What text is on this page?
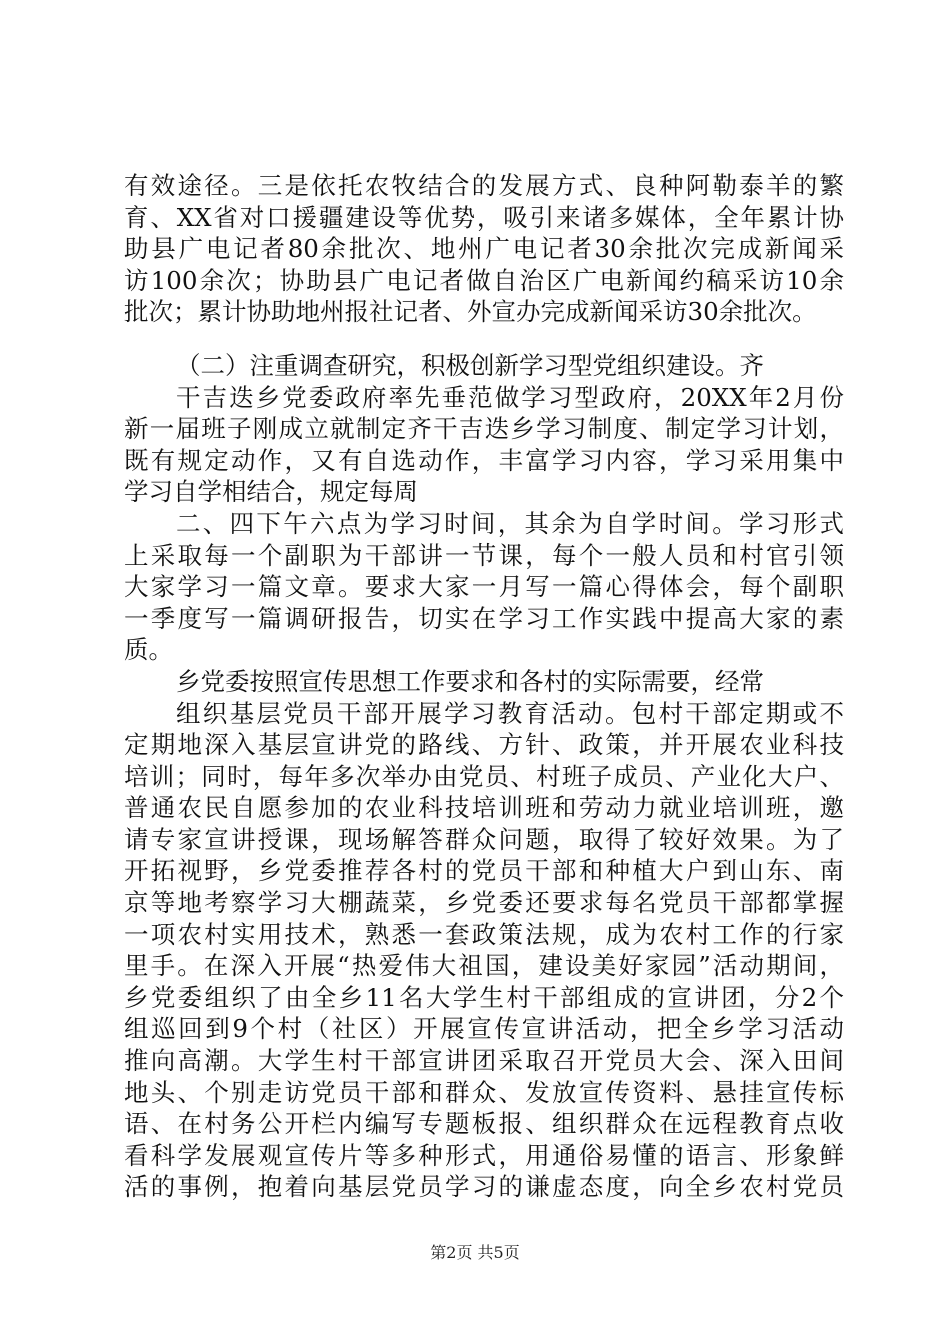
有效途径。三是依托农牧结合的发展方式、良种阿勒泰羊的繁
育、XX省对口援疆建设等优势，吸引来诸多媒体，全年累计协
助县广电记者80余批次、地州广电记者30余批次完成新闻采
访100余次；协助县广电记者做自治区广电新闻约稿采访10余
批次；累计协助地州报社记者、外宣办完成新闻采访30余批次。
（二）注重调查研究，积极创新学习型党组织建设。齐
干吉迭乡党委政府率先垂范做学习型政府，20XX年2月份
新一届班子刚成立就制定齐干吉迭乡学习制度、制定学习计划，
既有规定动作，又有自选动作，丰富学习内容，学习采用集中
学习自学相结合，规定每周
二、四下午六点为学习时间，其余为自学时间。学习形式
上采取每一个副职为干部讲一节课，每个一般人员和村官引领
大家学习一篇文章。要求大家一月写一篇心得体会，每个副职
一季度写一篇调研报告，切实在学习工作实践中提高大家的素
质。
乡党委按照宣传思想工作要求和各村的实际需要，经常
组织基层党员干部开展学习教育活动。包村干部定期或不
定期地深入基层宣讲党的路线、方针、政策，并开展农业科技
培训；同时，每年多次举办由党员、村班子成员、产业化大户、
普通农民自愿参加的农业科技培训班和劳动力就业培训班，邀
请专家宣讲授课，现场解答群众问题，取得了较好效果。为了
开拓视野，乡党委推荐各村的党员干部和种植大户到山东、南
京等地考察学习大棚蔬菜，乡党委还要求每名党员干部都掌握
一项农村实用技术，熟悉一套政策法规，成为农村工作的行家
里手。在深入开展“热爱伟大祖国，建设美好家园”活动期间，
乡党委组织了由全乡11名大学生村干部组成的宣讲团，分2个
组巡回到9个村（社区）开展宣传宣讲活动，把全乡学习活动
推向高潮。大学生村干部宣讲团采取召开党员大会、深入田间
地头、个别走访党员干部和群众、发放宣传资料、悬挂宣传标
语、在村务公开栏内编写专题板报、组织群众在远程教育点收
看科学发展观宣传片等多种形式，用通俗易懂的语言、形象鲜
活的事例，抱着向基层党员学习的谦虚态度，向全乡农村党员
第2页 共5页
